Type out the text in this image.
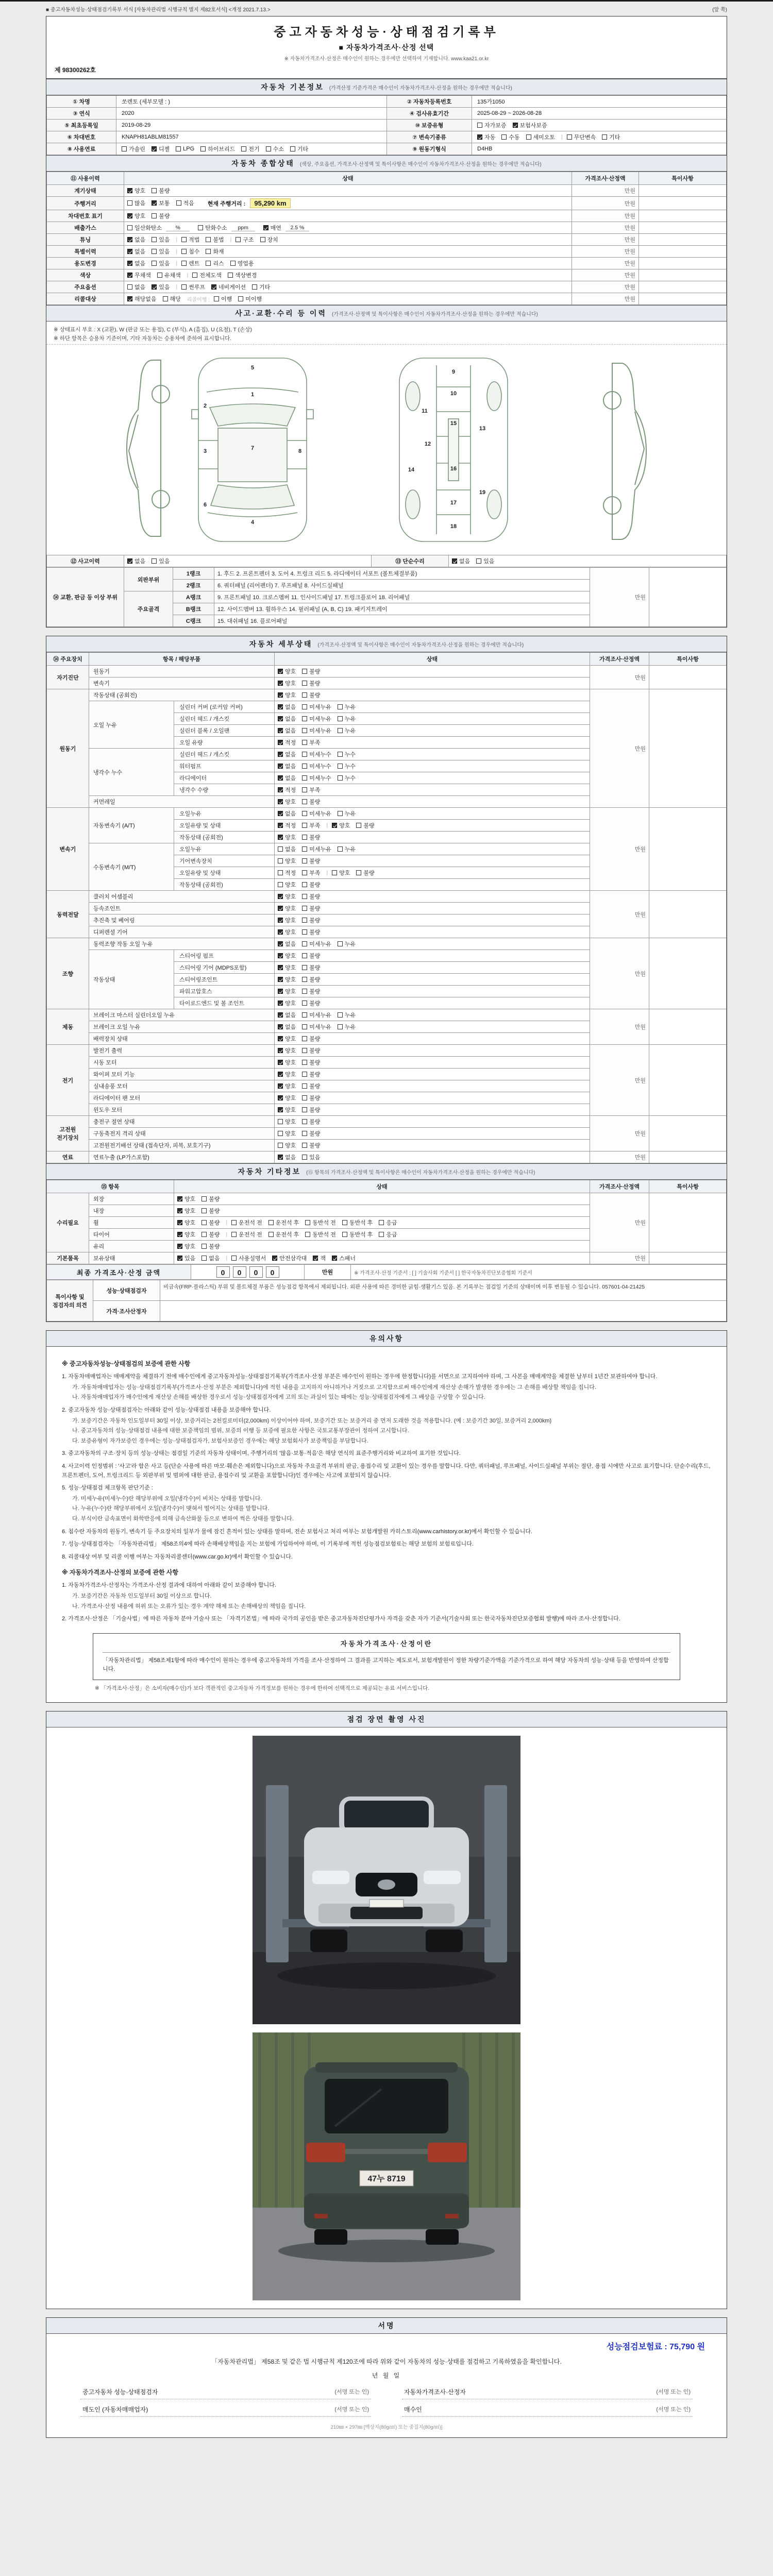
■ 중고자동차성능·상태점검기록부 서식 [자동차관리법 시행규칙 별지 제82호서식] <개정 2021.7.13.>	(앞 쪽)
중고자동차성능·상태점검기록부
■ 자동차가격조사·산정 선택
※ 자동차가격조사·산정은 매수인이 원하는 경우에만 선택하여 기재합니다. www.kaa21.or.kr
제 98300262호
자동차 기본정보 (가격산정 기준가격은 매수인이 자동차가격조사·산정을 원하는 경우에만 적습니다)
① 차명	쏘렌토 (세부모델 : )	② 자동차등록번호	135가1050
③ 연식	2020	④ 검사유효기간	2025-08-29 ~ 2026-08-28
⑤ 최초등록일	2019-08-29	⑩ 보증유형	자가보증 보험사보증

⑥ 차대번호	KNAPH81ABLM81557	⑦ 변속기종류	자동 수동 세미오토 | 무단변속 기타

⑧ 사용연료	가솔린 디젤 LPG 하이브리드 전기 수소 기타	⑨ 원동기형식	D4HB
자동차 종합상태 (색상, 주요옵션, 가격조사·산정액 및 특이사항은 매수인이 자동차가격조사·산정을 원하는 경우에만 적습니다)
⑪ 사용이력	상태	가격조사·산정액	특이사항
계기상태	양호 불량	만원	
주행거리	많음 보통 적음 현재 주행거리 : 95,290 km	만원	
차대번호 표기	양호 불량	만원	
배출가스	일산화탄소	%	탄화수소	ppm	매연	2.5 %	만원	
튜닝	없음 있음 | 적법 불법 | 구조 장치	만원	
특별이력	없음 있음 | 침수 화재	만원	
용도변경	없음 있음 | 렌트 리스 영업용	만원	
색상	무채색 유채색 | 전체도색 색상변경	만원	
주요옵션	없음 있음 | 썬루프 네비게이션 기타	만원	
리콜대상	해당없음 해당 리콜이행 : 이행 미이행	만원	
사고·교환·수리 등 이력 (가격조사·산정액 및 특이사항은 매수인이 자동차가격조사·산정을 원하는 경우에만 적습니다)
※ 상태표시 부호 : X (교환), W (판금 또는 용접), C (부식), A (흠집), U (요철), T (손상)
※ 하단 항목은 승용차 기준이며, 기타 자동차는 승용차에 준하여 표시합니다.
1
2
3
4
5
6
7	8
9
10
11
12
13
14
15
16
17
18
19
⑫ 사고이력	없음 있음	⑬ 단순수리	없음 있음
⑭ 교환, 판금 등 이상 부위	외판부위	1랭크	1. 후드 2. 프론트펜더 3. 도어 4. 트렁크 리드 5. 라디에이터 서포트 (볼트체결부품)	만원	
		2랭크	6. 쿼터패널 (리어펜더) 7. 루프패널 8. 사이드실패널		
	주요골격	A랭크	9. 프론트패널 10. 크로스멤버 11. 인사이드패널 17. 트렁크플로어 18. 리어패널		
		B랭크	12. 사이드멤버 13. 휠하우스 14. 필러패널 (A, B, C) 19. 패키지트레이		
		C랭크	15. 대쉬패널 16. 플로어패널		
자동차 세부상태 (가격조사·산정액 및 특이사항은 매수인이 자동차가격조사·산정을 원하는 경우에만 적습니다)
⑭ 주요장치	항목 / 해당부품		상태	가격조사·산정액	특이사항
자기진단	원동기		양호 불량	만원	
	변속기		양호 불량		

원동기	작동상태 (공회전)		양호 불량	만원	
	오일 누유	실린더 커버 (로커암 커버)	없음 미세누유 누유		

		실린더 헤드 / 개스킷	없음 미세누유 누유		

		실린더 블록 / 오일팬	없음 미세누유 누유		

		오일 유량	적정 부족		

	냉각수 누수	실린더 헤드 / 개스킷	없음 미세누수 누수		

		워터펌프	없음 미세누수 누수		

		라디에이터	없음 미세누수 누수		

		냉각수 수량	적정 부족		

	커먼레일		양호 불량		

변속기	자동변속기 (A/T)	오일누유	없음 미세누유 누유	만원	
		오일유량 및 상태	적정 부족 | 양호 불량		

		작동상태 (공회전)	양호 불량		

	수동변속기 (M/T)	오일누유	없음 미세누유 누유		

		기어변속장치	양호 불량		

		오일유량 및 상태	적정 부족 | 양호 불량		

		작동상태 (공회전)	양호 불량		

동력전달	클러치 어셈블리		양호 불량	만원	
	등속조인트		양호 불량		

	추진축 및 베어링		양호 불량		

	디퍼렌셜 기어		양호 불량		

조향	동력조향 작동 오일 누유		없음 미세누유 누유	만원	
	작동상태	스티어링 펌프	양호 불량		

		스티어링 기어 (MDPS포함)	양호 불량		

		스티어링조인트	양호 불량		

		파워고압호스	양호 불량		

		타이로드엔드 및 볼 조인트	양호 불량		

제동	브레이크 마스터 실린더오일 누유		없음 미세누유 누유	만원	
	브레이크 오일 누유		없음 미세누유 누유		

	배력장치 상태		양호 불량		

전기	발전기 출력		양호 불량	만원	
	시동 모터		양호 불량		

	와이퍼 모터 기능		양호 불량		

	실내송풍 모터		양호 불량		

	라디에이터 팬 모터		양호 불량		

	윈도우 모터		양호 불량		

고전원 전기장치	충전구 절연 상태		양호 불량	만원	
	구동축전지 격리 상태		양호 불량		

	고전원전기배선 상태 (접속단자, 피복, 보호기구)		양호 불량		

연료	연료누출 (LP가스포함)		없음 있음	만원	
자동차 기타정보 (⑮ 항목의 가격조사·산정액 및 특이사항은 매수인이 자동차가격조사·산정을 원하는 경우에만 적습니다)
⑮ 항목		상태	가격조사·산정액	특이사항
수리필요	외장	양호 불량	만원	
	내장	양호 불량		

휠	양호 불량 | 운전석 전 운전석 후 동반석 전 동반석 후 응급

타이어	양호 불량 | 운전석 전 운전석 후 동반석 전 동반석 후 응급

	유리	양호 불량		

기본품목	보유상태	있음 없음 | 사용설명서 안전삼각대 잭 스패너	만원	
최종 가격조사·산정 금액	0 0 0 0	만원	※ 가격조사·산정 기준서 : [ ] 기술사회 기준서 [ ] 한국자동차진단보증협회 기준서
특이사항 및 점검자의 의견	성능·상태점검자	비금속(FRP·플라스틱) 부위 및 볼트체결 부품은 성능점검 항목에서 제외됩니다. 외판 사용에 따른 경미한 긁힘·생활기스 있음. 본 기록부는 점검일 기준의 상태이며 이후 변동될 수 있습니다. 057601-04-21425
	가격·조사산정자	
유의사항
※ 중고자동차성능·상태점검의 보증에 관한 사항
1. 자동차매매업자는 매매계약을 체결하기 전에 매수인에게 중고자동차성능·상태점검기록부(가격조사·산정 부분은 매수인이 원하는 경우에 한정합니다)를 서면으로 고지하여야 하며, 그 사본을 매매계약을 체결한 날부터 1년간 보관하여야 합니다.
가. 자동차매매업자는 성능·상태점검기록부(가격조사·산정 부분은 제외합니다)에 적힌 내용을 고지하지 아니하거나 거짓으로 고지함으로써 매수인에게 재산상 손해가 발생한 경우에는 그 손해를 배상할 책임을 집니다.
나. 자동차매매업자가 매수인에게 재산상 손해를 배상한 경우로서 성능·상태점검자에게 고의 또는 과실이 있는 때에는 성능·상태점검자에게 그 배상을 구상할 수 있습니다.
2. 중고자동차 성능·상태점검자는 아래와 같이 성능·상태점검 내용을 보증해야 합니다.
가. 보증기간은 자동차 인도일부터 30일 이상, 보증거리는 2천킬로미터(2,000km) 이상이어야 하며, 보증기간 또는 보증거리 중 먼저 도래한 것을 적용합니다. (예 : 보증기간 30일, 보증거리 2,000km)
나. 중고자동차의 성능·상태점검 내용에 대한 보증책임의 범위, 보증의 이행 등 보증에 필요한 사항은 국토교통부장관이 정하여 고시합니다.
다. 보증유형이 자가보증인 경우에는 성능·상태점검자가, 보험사보증인 경우에는 해당 보험회사가 보증책임을 부담합니다.
3. 중고자동차의 구조·장치 등의 성능·상태는 점검일 기준의 자동차 상태이며, 주행거리의 '많음·보통·적음'은 해당 연식의 표준주행거리와 비교하여 표기한 것입니다.
4. 사고이력 인정범위 : '사고'라 함은 사고 등(단순 사용에 따른 마모·훼손은 제외합니다)으로 자동차 주요골격 부위의 판금, 용접수리 및 교환이 있는 경우를 말합니다. 다만, 쿼터패널, 루프패널, 사이드실패널 부위는 절단, 용접 시에만 사고로 표기합니다. 단순수리(후드, 프론트펜더, 도어, 트렁크리드 등 외판부위 및 범퍼에 대한 판금, 용접수리 및 교환을 포함합니다)인 경우에는 사고에 포함되지 않습니다.
5. 성능·상태점검 체크항목 판단기준 :
가. 미세누유(미세누수)란 해당부위에 오일(냉각수)이 비치는 상태를 말합니다.
나. 누유(누수)란 해당부위에서 오일(냉각수)이 맺혀서 떨어지는 상태를 말합니다.
다. 부식이란 금속표면이 화학반응에 의해 금속산화물 등으로 변하여 썩은 상태를 말합니다.
6. 침수란 자동차의 원동기, 변속기 등 주요장치의 일부가 물에 잠긴 흔적이 있는 상태를 말하며, 전손 보험사고 처리 여부는 보험개발원 카히스토리(www.carhistory.or.kr)에서 확인할 수 있습니다.
7. 성능·상태점검자는 「자동차관리법」 제58조의4에 따라 손해배상책임을 지는 보험에 가입하여야 하며, 이 기록부에 적힌 성능점검보험료는 해당 보험의 보험료입니다.
8. 리콜대상 여부 및 리콜 이행 여부는 자동차리콜센터(www.car.go.kr)에서 확인할 수 있습니다.
※ 자동차가격조사·산정의 보증에 관한 사항
1. 자동차가격조사·산정자는 가격조사·산정 결과에 대하여 아래와 같이 보증해야 합니다.
가. 보증기간은 자동차 인도일부터 30일 이상으로 합니다.
나. 가격조사·산정 내용에 허위 또는 오류가 있는 경우 계약 해제 또는 손해배상의 책임을 집니다.
2. 가격조사·산정은 「기술사법」에 따른 자동차 분야 기술사 또는 「자격기본법」에 따라 국가의 공인을 받은 중고자동차진단평가사 자격을 갖춘 자가 기준서(기술사회 또는 한국자동차진단보증협회 발행)에 따라 조사·산정합니다.
자동차가격조사·산정이란
「자동차관리법」 제58조제1항에 따라 매수인이 원하는 경우에 중고자동차의 가격을 조사·산정하여 그 결과를 고지하는 제도로서, 보험개발원이 정한 차량기준가액을 기준가격으로 하여 해당 자동차의 성능·상태 등을 반영하여 산정합니다.
※ 「가격조사·산정」은 소비자(매수인)가 보다 객관적인 중고자동차 가격정보를 원하는 경우에 한하여 선택적으로 제공되는 유료 서비스입니다.
점검 장면 촬영 사진
47누 8719
서명
성능점검보험료 : 75,790 원
「자동차관리법」 제58조 및 같은 법 시행규칙 제120조에 따라 위와 같이 자동차의 성능·상태를 점검하고 기록하였음을 확인합니다.
년 월 일
중고자동차 성능·상태점검자	(서명 또는 인)	자동차가격조사·산정자	(서명 또는 인)
매도인 (자동차매매업자)	(서명 또는 인)	매수인	(서명 또는 인)
210㎜ × 297㎜ [백상지(80g/㎡) 또는 중질지(80g/㎡)]
